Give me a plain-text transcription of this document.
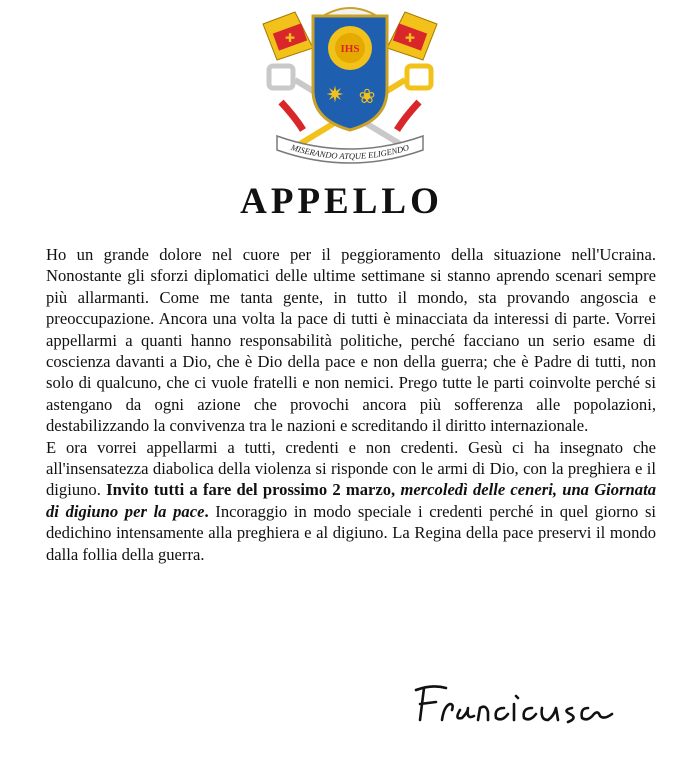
✚	✚
IHS
✷ ❀
MISERANDO ATQUE ELIGENDO
APPELLO

Ho un grande dolore nel cuore per il peggioramento della situazione nell'Ucraina. Nonostante gli sforzi diplomatici delle ultime settimane si stanno aprendo scenari sempre più allarmanti. Come me tanta gente, in tutto il mondo, sta provando angoscia e preoccupazione. Ancora una volta la pace di tutti è minacciata da interessi di parte. Vorrei appellarmi a quanti hanno responsabilità politiche, perché facciano un serio esame di coscienza davanti a Dio, che è Dio della pace e non della guerra; che è Padre di tutti, non solo di qualcuno, che ci vuole fratelli e non nemici. Prego tutte le parti coinvolte perché si astengano da ogni azione che provochi ancora più sofferenza alle popolazioni, destabilizzando la convivenza tra le nazioni e screditando il diritto internazionale.

E ora vorrei appellarmi a tutti, credenti e non credenti. Gesù ci ha insegnato che all'insensatezza diabolica della violenza si risponde con le armi di Dio, con la preghiera e il digiuno. Invito tutti a fare del prossimo 2 marzo, mercoledì delle ceneri, una Giornata di digiuno per la pace. Incoraggio in modo speciale i credenti perché in quel giorno si dedichino intensamente alla preghiera e al digiuno. La Regina della pace preservi il mondo dalla follia della guerra.
